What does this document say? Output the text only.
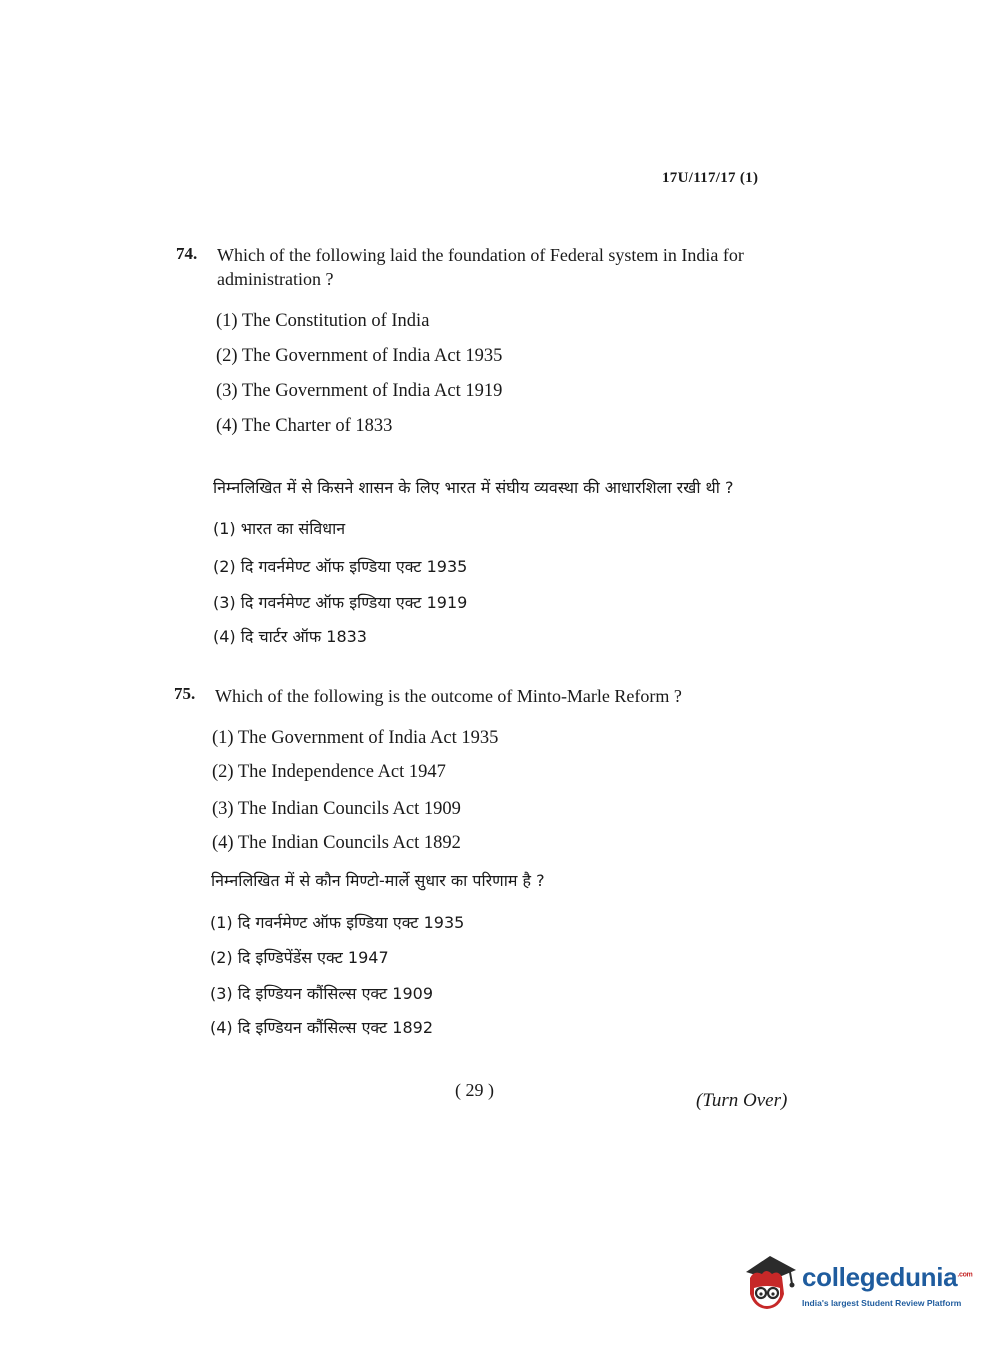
17U/117/17 (1)
74. Which of the following laid the foundation of Federal system in India for administration ?
(1) The Constitution of India
(2) The Government of India Act 1935
(3) The Government of India Act 1919
(4) The Charter of 1833
निम्नलिखित में से किसने शासन के लिए भारत में संघीय व्यवस्था की आधारशिला रखी थी ?
(1) भारत का संविधान
(2) दि गवर्नमेण्ट ऑफ इण्डिया एक्ट 1935
(3) दि गवर्नमेण्ट ऑफ इण्डिया एक्ट 1919
(4) दि चार्टर ऑफ 1833
75. Which of the following is the outcome of Minto-Marle Reform ?
(1) The Government of India Act 1935
(2) The Independence Act 1947
(3) The Indian Councils Act 1909
(4) The Indian Councils Act 1892
निम्नलिखित में से कौन मिण्टो-मार्ले सुधार का परिणाम है ?
(1) दि गवर्नमेण्ट ऑफ इण्डिया एक्ट 1935
(2) दि इण्डिपेंडेंस एक्ट 1947
(3) दि इण्डियन कौंसिल्स एक्ट 1909
(4) दि इण्डियन कौंसिल्स एक्ट 1892
( 29 )	(Turn Over)
collegedunia$^{.com}$
India's largest Student Review Platform
